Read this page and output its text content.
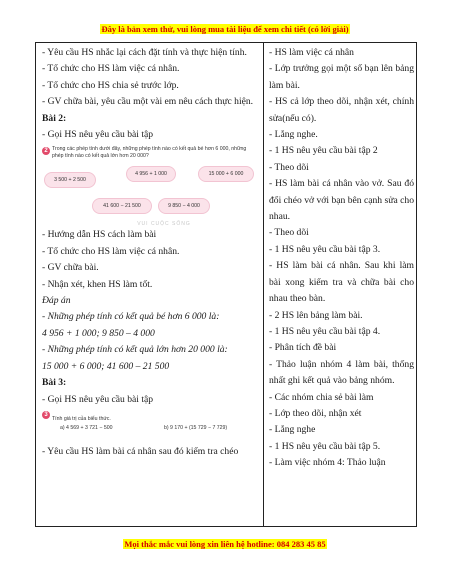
Đây là bản xem thử, vui lòng mua tài liệu để xem chi tiết (có lời giải)

- Yêu cầu HS nhắc lại cách đặt tính và thực hiện tính.

- Tổ chức cho HS làm việc cá nhân.

- Tổ chức cho HS chia sẻ trước lớp.

- GV chữa bài, yêu cầu một vài em nêu cách thực hiện.

Bài 2:

- Gọi HS nêu yêu cầu bài tập

2 Trong các phép tính dưới đây, những phép tính nào có kết quả bé hơn 6 000, những phép tính nào có kết quả lớn hơn 20 000?
3 500 + 2 500
4 956 + 1 000	15 000 + 6 000
41 600 − 21 500	9 850 − 4 000
VUI CUỘC SỐNG

- Hướng dẫn HS cách làm bài

- Tổ chức cho HS làm việc cá nhân.

- GV chữa bài.

- Nhận xét, khen HS làm tốt.

Đáp án

- Những phép tính có kết quả bé hơn 6 000 là:

4 956 + 1 000; 9 850 – 4 000

- Những phép tính có kết quả lớn hơn 20 000 là:

15 000 + 6 000; 41 600 – 21 500

Bài 3:

- Gọi HS nêu yêu cầu bài tập

3
Tính giá trị của biểu thức.
a) 4 569 + 3 721 − 500	b) 9 170 + (15 729 − 7 729)

- Yêu cầu HS làm bài cá nhân sau đó kiểm tra chéo

- HS làm việc cá nhân

- Lớp trưởng gọi một số bạn lên bảng làm bài.

- HS cả lớp theo dõi, nhận xét, chính sửa(nếu có).

- Lắng nghe.

- 1 HS nêu yêu cầu bài tập 2

- Theo dõi

- HS làm bài cá nhân vào vở. Sau đó đổi chéo vở với bạn bên cạnh sửa cho nhau.

- Theo dõi

- 1 HS nêu yêu cầu bài tập 3.

- HS làm bài cá nhân. Sau khi làm bài xong kiểm tra và chữa bài cho nhau theo bàn.

- 2 HS lên bảng làm bài.

- 1 HS nêu yêu cầu bài tập 4.

- Phân tích đề bài

- Thảo luận nhóm 4 làm bài, thống nhất ghi kết quả vào bảng nhóm.

- Các nhóm chia sẻ bài làm

- Lớp theo dõi, nhận xét

- Lắng nghe

- 1 HS nêu yêu cầu bài tập 5.

- Làm việc nhóm 4: Thảo luận

Mọi thắc mắc vui lòng xin liên hệ hotline: 084 283 45 85
